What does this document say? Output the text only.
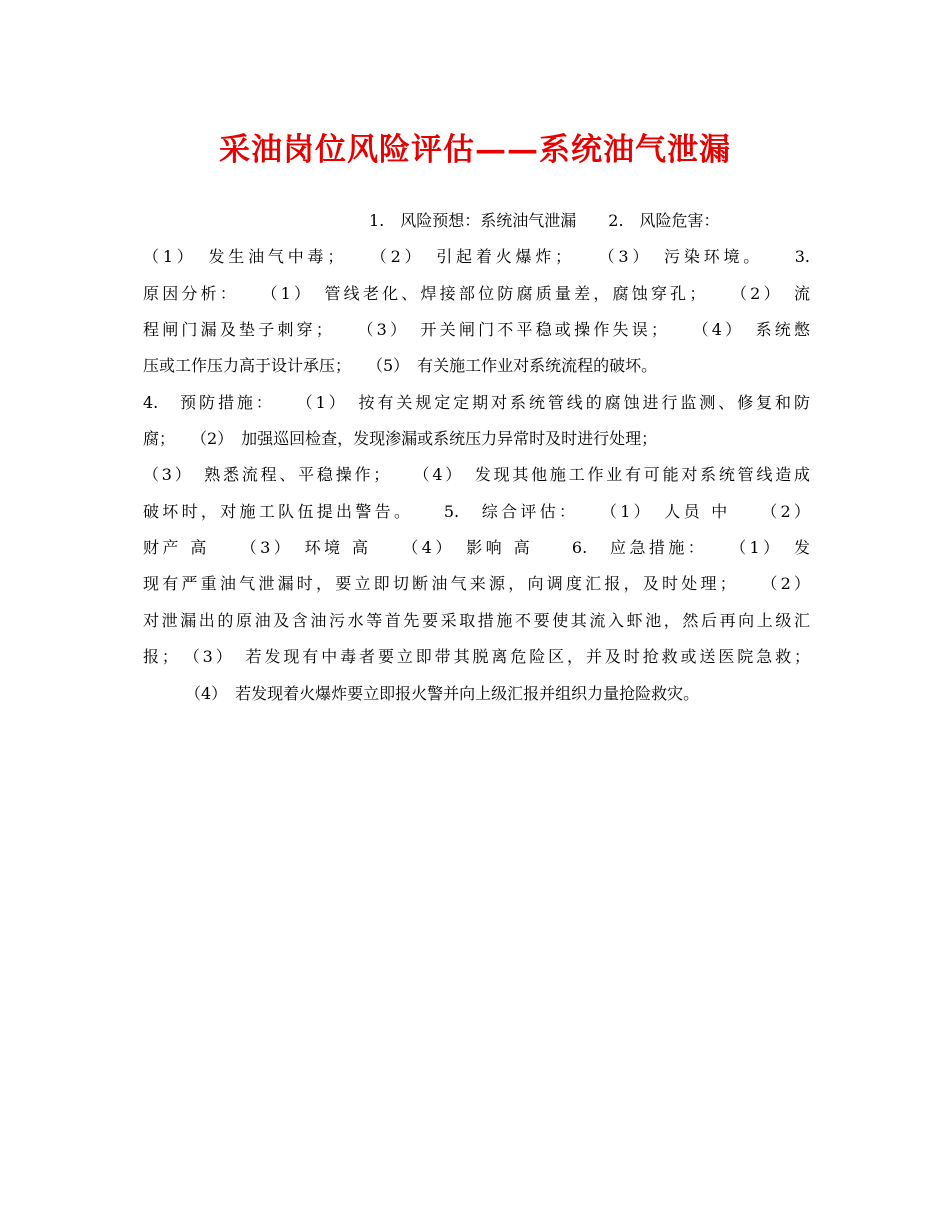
采油岗位风险评估——系统油气泄漏
1.　风险预想：系统油气泄漏　　2.　风险危害：
（1）　发生油气中毒；　　（2）　引起着火爆炸；　　（3）　污染环境。　　3.
原因分析：　　（1）　管线老化、焊接部位防腐质量差，腐蚀穿孔；　　（2）　流
程闸门漏及垫子刺穿；　　（3）　开关闸门不平稳或操作失误；　　（4）　系统憋
压或工作压力高于设计承压；　　（5）　有关施工作业对系统流程的破坏。
4.　预防措施：　　（1）　按有关规定定期对系统管线的腐蚀进行监测、修复和防
腐；　　（2）　加强巡回检查，发现渗漏或系统压力异常时及时进行处理；
（3）　熟悉流程、平稳操作；　　（4）　发现其他施工作业有可能对系统管线造成
破坏时，对施工队伍提出警告。　　5.　综合评估：　　（1）　人员 中　　（2）
财产 高　　（3）　环境 高　　（4）　影响 高　　6.　应急措施：　　（1）　发
现有严重油气泄漏时，要立即切断油气来源，向调度汇报，及时处理；　　（2）
对泄漏出的原油及含油污水等首先要采取措施不要使其流入虾池，然后再向上级汇
报；　（3）　若发现有中毒者要立即带其脱离危险区，并及时抢救或送医院急救；
（4）　若发现着火爆炸要立即报火警并向上级汇报并组织力量抢险救灾。
